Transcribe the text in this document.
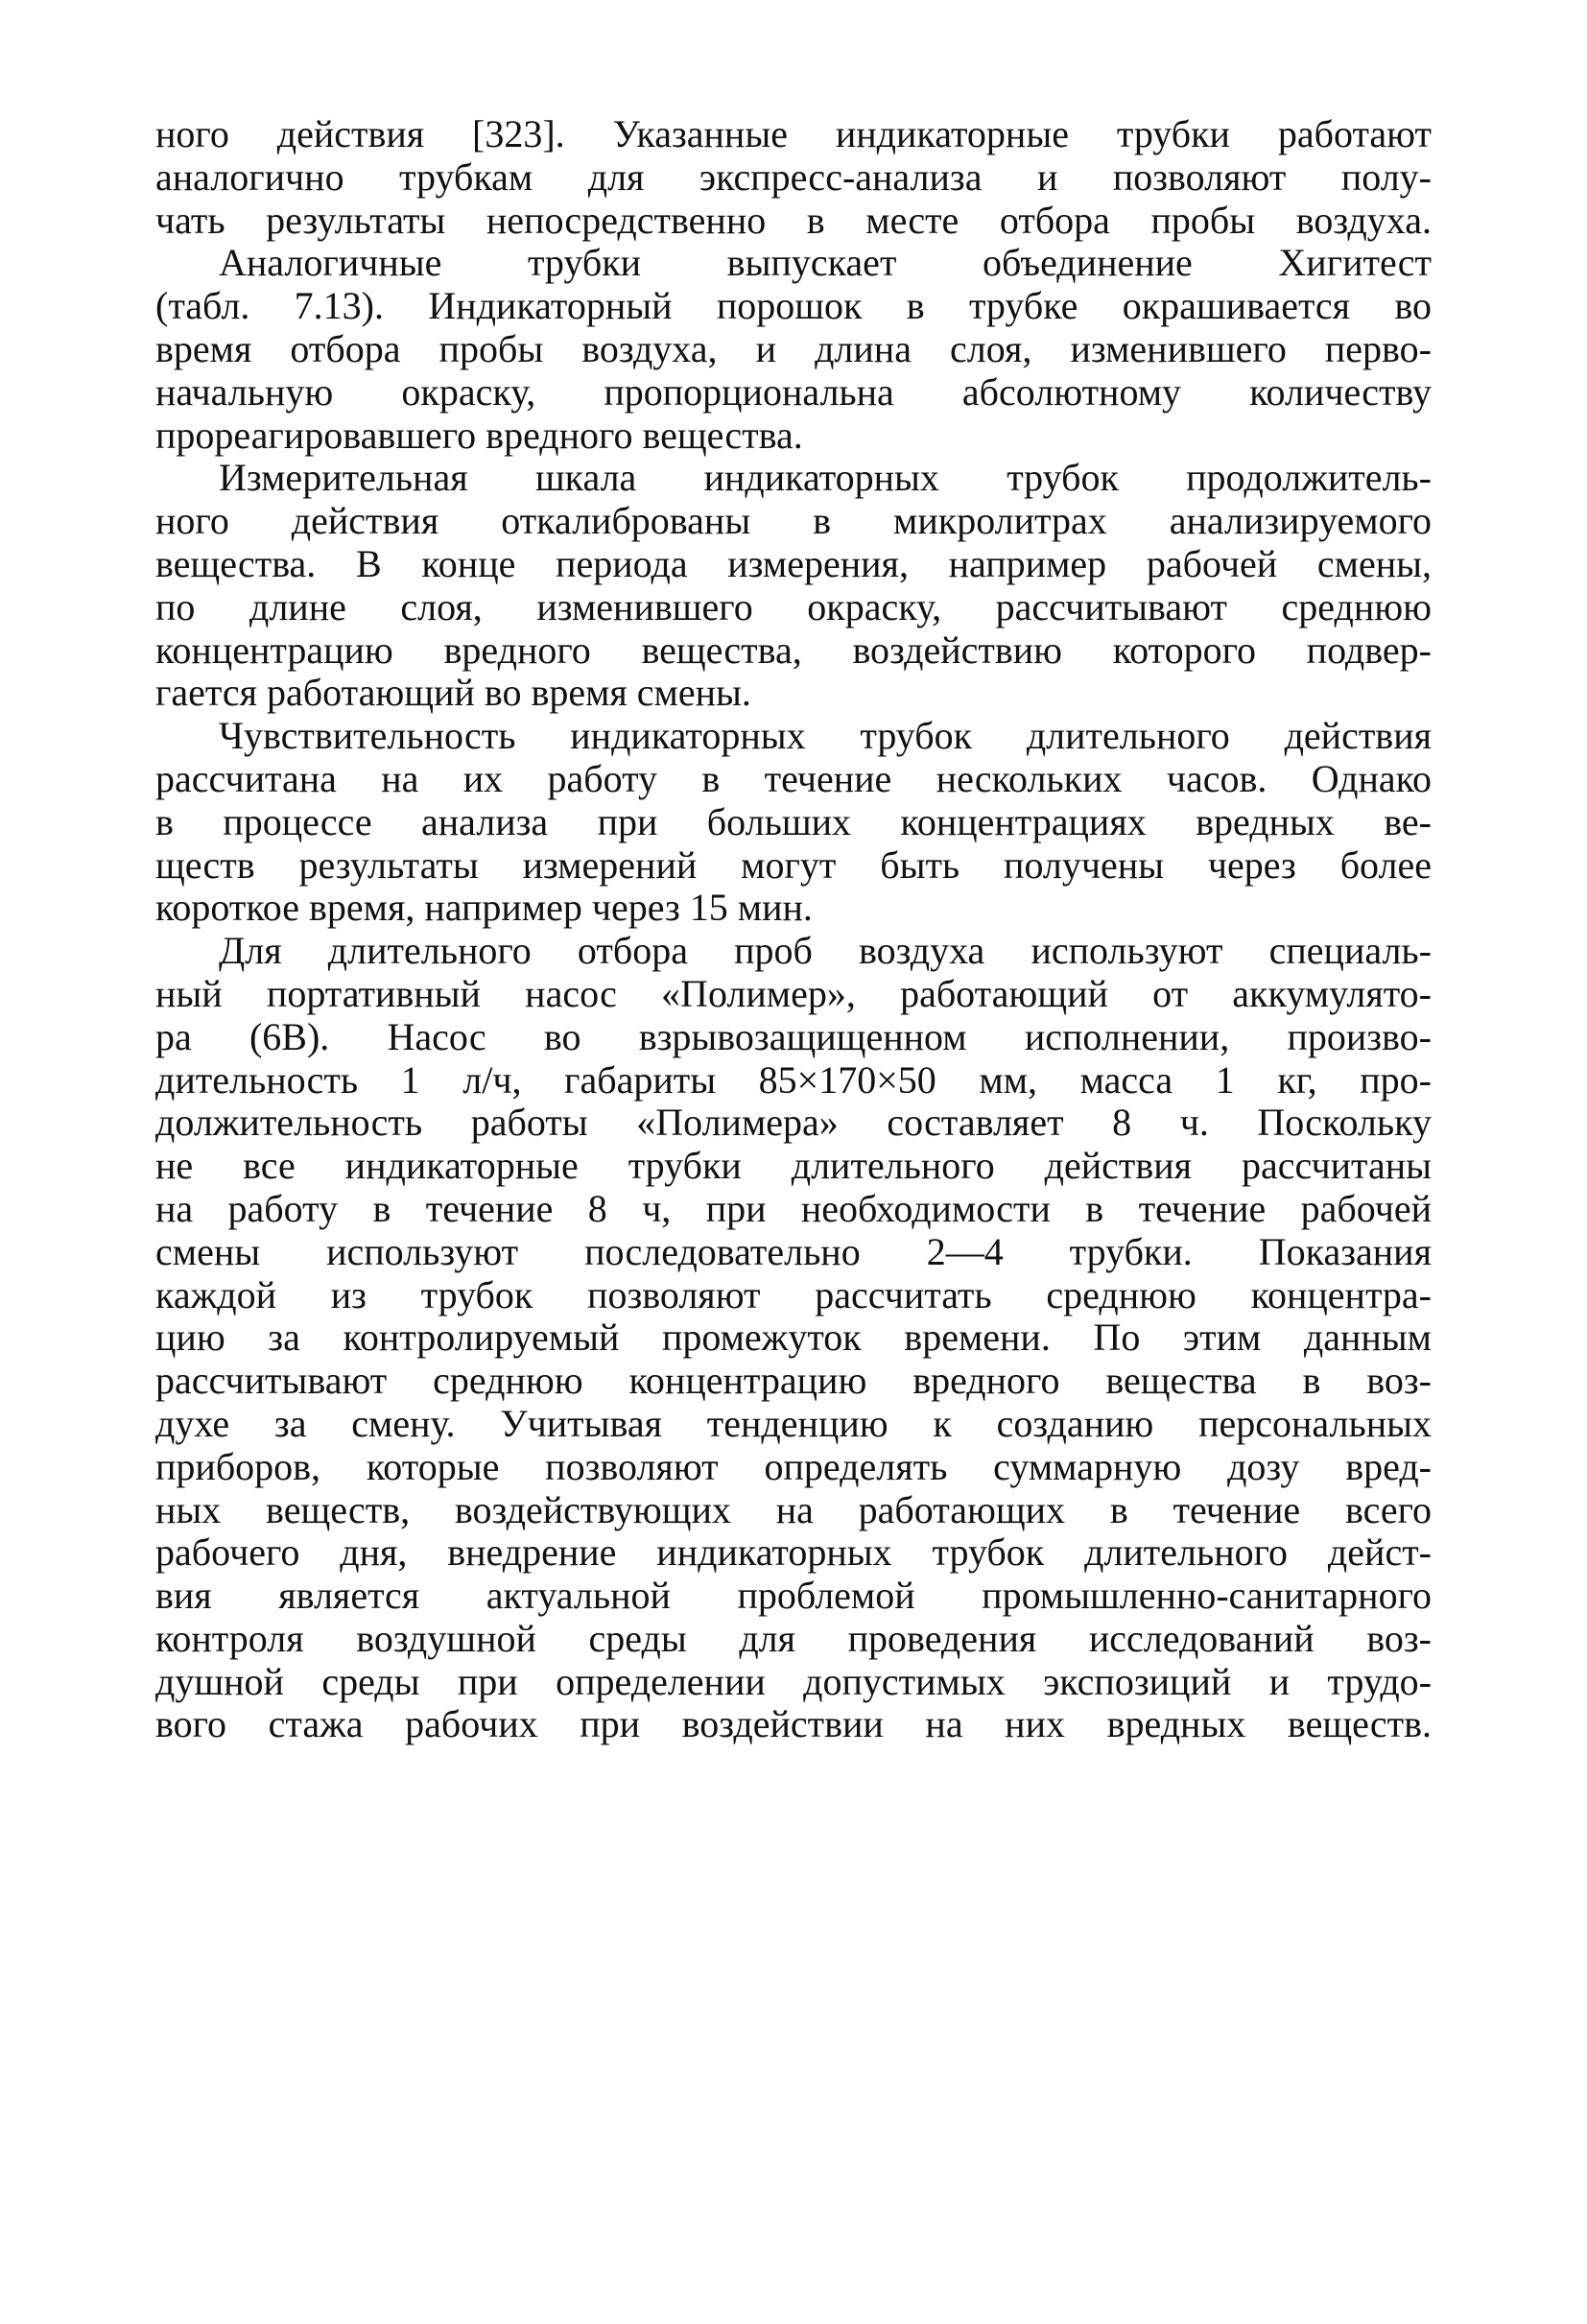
ного действия [323]. Указанные индикаторные трубки работают
аналогично трубкам для экспресс-анализа и позволяют полу-
чать результаты непосредственно в месте отбора пробы воздуха.

Аналогичные трубки выпускает объединение Хигитест
(табл. 7.13). Индикаторный порошок в трубке окрашивается во
время отбора пробы воздуха, и длина слоя, изменившего перво-
начальную окраску, пропорциональна абсолютному количеству
прореагировавшего вредного вещества.

Измерительная шкала индикаторных трубок продолжитель-
ного действия откалиброваны в микролитрах анализируемого
вещества. В конце периода измерения, например рабочей смены,
по длине слоя, изменившего окраску, рассчитывают среднюю
концентрацию вредного вещества, воздействию которого подвер-
гается работающий во время смены.

Чувствительность индикаторных трубок длительного действия
рассчитана на их работу в течение нескольких часов. Однако
в процессе анализа при больших концентрациях вредных ве-
ществ результаты измерений могут быть получены через более
короткое время, например через 15 мин.

Для длительного отбора проб воздуха используют специаль-
ный портативный насос «Полимер», работающий от аккумулято-
ра (6В). Насос во взрывозащищенном исполнении, произво-
дительность 1 л/ч, габариты 85×170×50 мм, масса 1 кг, про-
должительность работы «Полимера» составляет 8 ч. Поскольку
не все индикаторные трубки длительного действия рассчитаны
на работу в течение 8 ч, при необходимости в течение рабочей
смены используют последовательно 2—4 трубки. Показания
каждой из трубок позволяют рассчитать среднюю концентра-
цию за контролируемый промежуток времени. По этим данным
рассчитывают среднюю концентрацию вредного вещества в воз-
духе за смену. Учитывая тенденцию к созданию персональных
приборов, которые позволяют определять суммарную дозу вред-
ных веществ, воздействующих на работающих в течение всего
рабочего дня, внедрение индикаторных трубок длительного дейст-
вия является актуальной проблемой промышленно-санитарного
контроля воздушной среды для проведения исследований воз-
душной среды при определении допустимых экспозиций и трудо-
вого стажа рабочих при воздействии на них вредных веществ.
